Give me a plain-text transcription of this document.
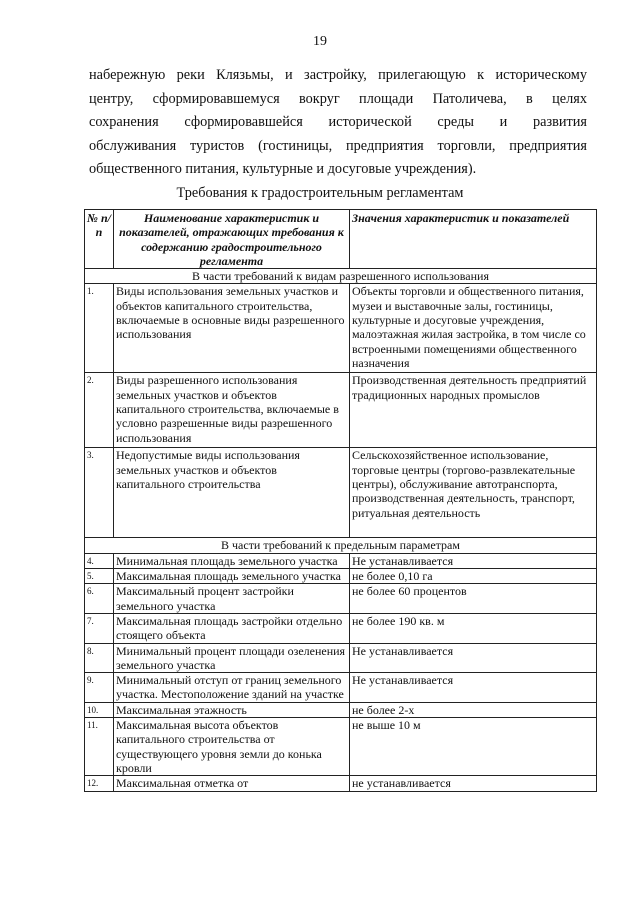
19

набережную реки Клязьмы, и застройку, прилегающую к историческому

центру, сформировавшемуся вокруг площади Патоличева, в целях

сохранения сформировавшейся исторической среды и развития

обслуживания туристов (гостиницы, предприятия торговли, предприятия

общественного питания, культурные и досуговые учреждения).

Требования к градостроительным регламентам
№ п/п	Наименование характеристик и показателей, отражающих требования к содержанию градостроительного регламента	Значения характеристик и показателей
В части требований к видам разрешенного использования		
1.	Виды использования земельных участков и объектов капитального строительства, включаемые в основные виды разрешенного использования	Объекты торговли и общественного питания, музеи и выставочные залы, гостиницы, культурные и досуговые учреждения, малоэтажная жилая застройка, в том числе со встроенными помещениями общественного назначения
2.	Виды разрешенного использования земельных участков и объектов капитального строительства, включаемые в условно разрешенные виды разрешенного использования	Производственная деятельность предприятий традиционных народных промыслов
3.	Недопустимые виды использования земельных участков и объектов капитального строительства	Сельскохозяйственное использование, торговые центры (торгово-развлекательные центры), обслуживание автотранспорта, производственная деятельность, транспорт, ритуальная деятельность
В части требований к предельным параметрам		
4.	Минимальная площадь земельного участка	Не устанавливается
5.	Максимальная площадь земельного участка	не более 0,10 га
6.	Максимальный процент застройки земельного участка	не более 60 процентов
7.	Максимальная площадь застройки отдельно стоящего объекта	не более 190 кв. м
8.	Минимальный процент площади озеленения земельного участка	Не устанавливается
9.	Минимальный отступ от границ земельного участка. Местоположение зданий на участке	Не устанавливается
10.	Максимальная этажность	не более 2-х
11.	Максимальная высота объектов капитального строительства от существующего уровня земли до конька кровли	не выше 10 м
12.	Максимальная отметка от	не устанавливается
